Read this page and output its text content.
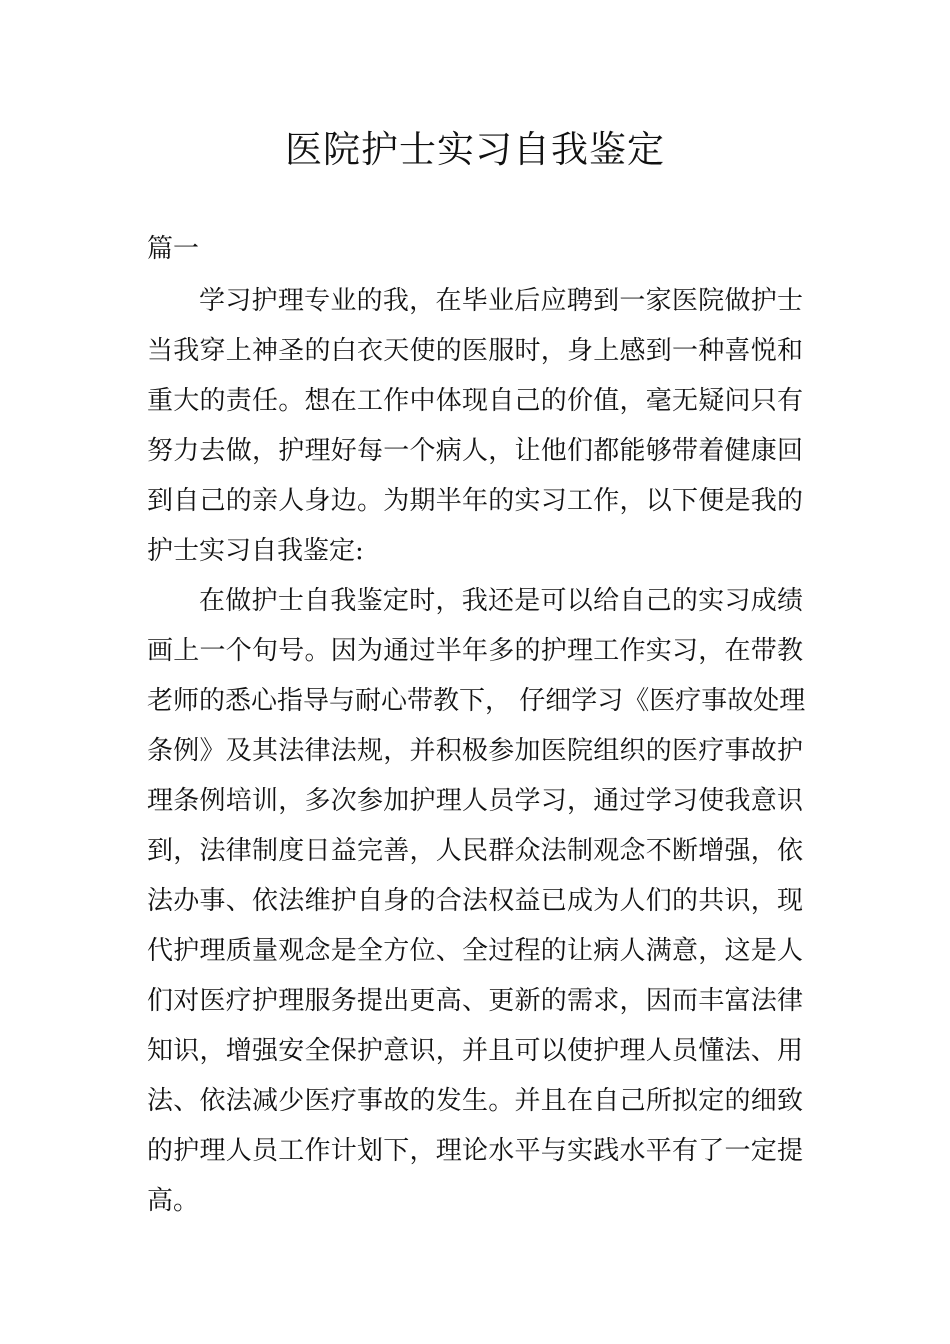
医院护士实习自我鉴定
篇一
学习护理专业的我，在毕业后应聘到一家医院做护士
当我穿上神圣的白衣天使的医服时，身上感到一种喜悦和
重大的责任。想在工作中体现自己的价值，毫无疑问只有
努力去做，护理好每一个病人，让他们都能够带着健康回
到自己的亲人身边。为期半年的实习工作，以下便是我的
护士实习自我鉴定:
在做护士自我鉴定时，我还是可以给自己的实习成绩
画上一个句号。因为通过半年多的护理工作实习，在带教
老师的悉心指导与耐心带教下， 仔细学习《医疗事故处理
条例》及其法律法规，并积极参加医院组织的医疗事故护
理条例培训，多次参加护理人员学习，通过学习使我意识
到，法律制度日益完善，人民群众法制观念不断增强，依
法办事、依法维护自身的合法权益已成为人们的共识，现
代护理质量观念是全方位、全过程的让病人满意，这是人
们对医疗护理服务提出更高、更新的需求，因而丰富法律
知识，增强安全保护意识，并且可以使护理人员懂法、用
法、依法减少医疗事故的发生。并且在自己所拟定的细致
的护理人员工作计划下，理论水平与实践水平有了一定提
高。
